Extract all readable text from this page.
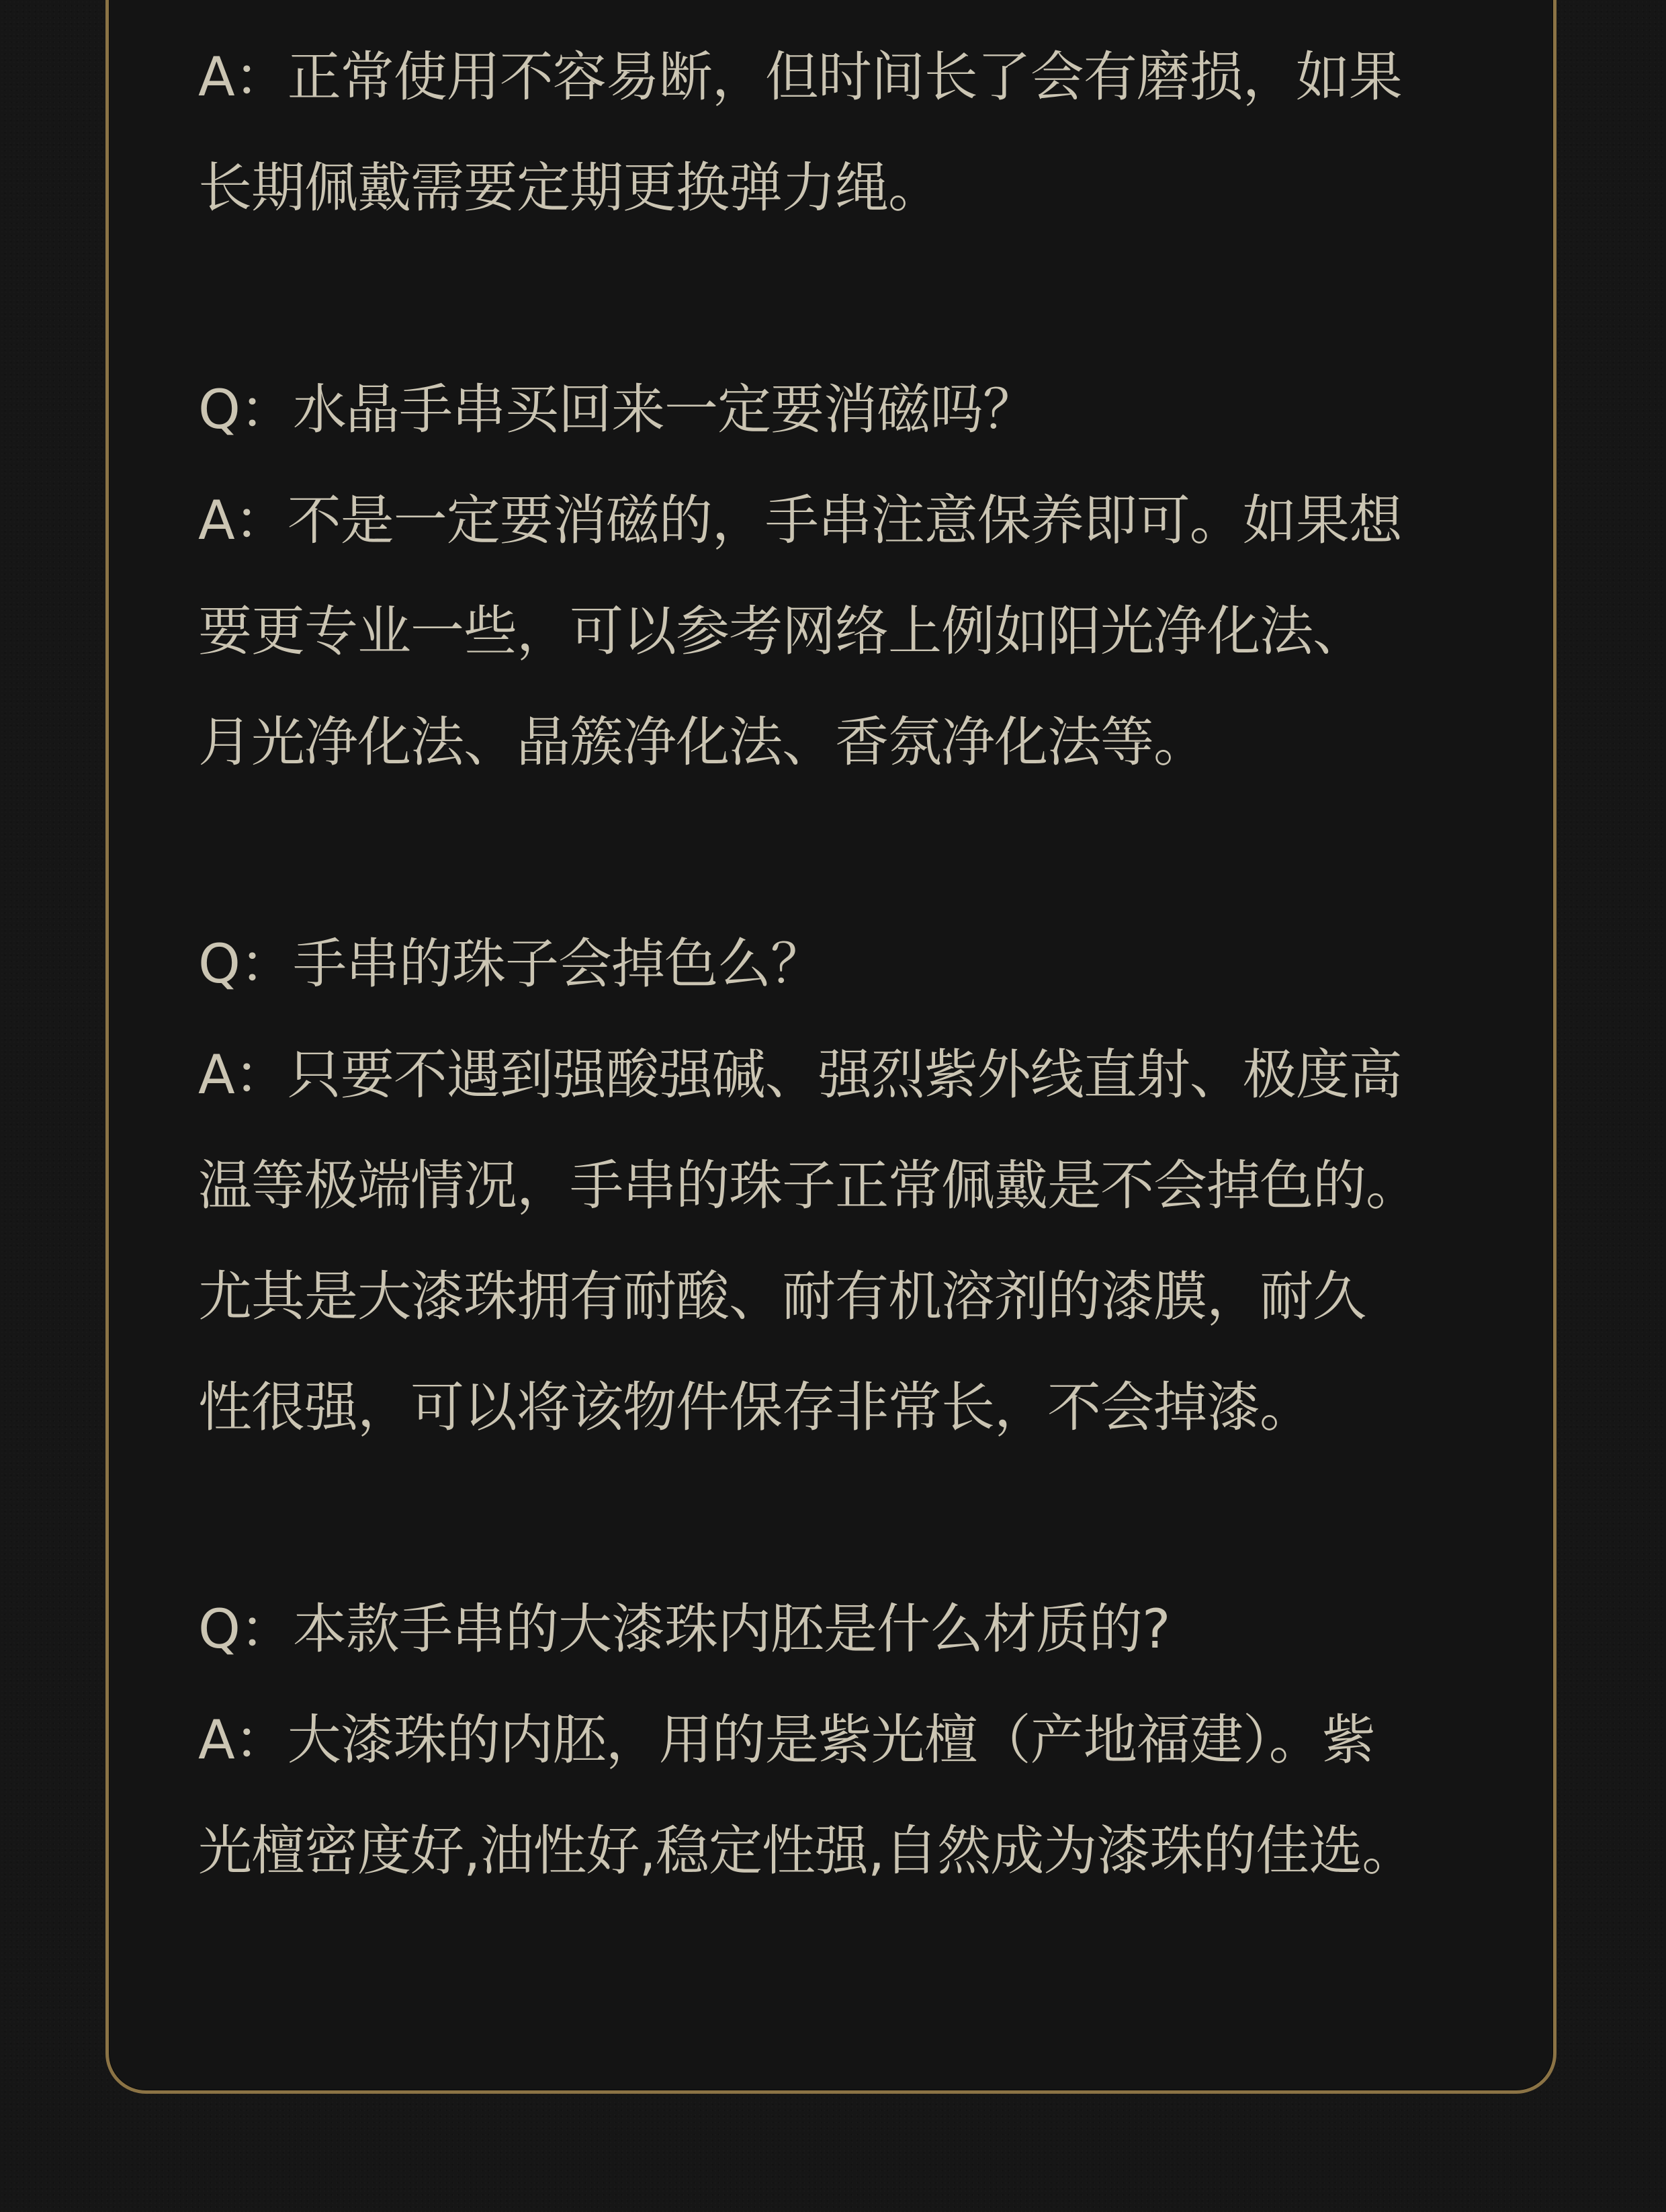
A：正常使用不容易断，但时间长了会有磨损，如果
长期佩戴需要定期更换弹力绳。
Q：水晶手串买回来一定要消磁吗？
A：不是一定要消磁的，手串注意保养即可。如果想
要更专业一些，可以参考网络上例如阳光净化法、
月光净化法、晶簇净化法、香氛净化法等。
Q：手串的珠子会掉色么？
A：只要不遇到强酸强碱、强烈紫外线直射、极度高
温等极端情况，手串的珠子正常佩戴是不会掉色的。
尤其是大漆珠拥有耐酸、耐有机溶剂的漆膜，耐久
性很强，可以将该物件保存非常长，不会掉漆。
Q：本款手串的大漆珠内胚是什么材质的?
A：大漆珠的内胚，用的是紫光檀（产地福建）。紫
光檀密度好,油性好,稳定性强,自然成为漆珠的佳选。
